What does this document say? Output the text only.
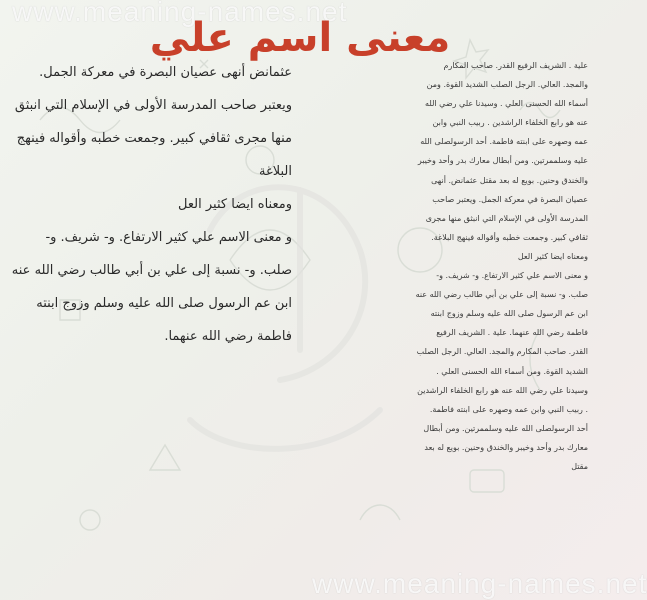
www.meaning-names.net
معنى اسم علي
عثمانض أنهى عصيان البصرة في معركة الجمل.
ويعتبر صاحب المدرسة الأولى في الإسلام التي انبثق
منها مجرى ثقافي كبير. وجمعت خطبه وأقواله فينهج
البلاغة
ومعناه ايضا كثير العل
و معنى الاسم علي كثير الارتفاع. و- شريف. و-
صلب. و- نسبة إلى علي بن أبي طالب رضي الله عنه
ابن عم الرسول صلى الله عليه وسلم وزوج ابنته
فاطمة رضي الله عنهما.
علية . الشريف الرفيع القدر. صاحب المكارم
والمجد. العالي. الرجل الصلب الشديد القوة. ومن
أسماء الله الحسنى العلي . وسيدنا علي رضي الله
عنه هو رابع الخلفاء الراشدين . ربيب النبي وابن
عمه وصهره على ابنته فاطمة. أحد الرسولصلى الله
عليه وسلممرتين. ومن أبطال معارك بدر وأحد وخيبر
والخندق وحنين. بويع له بعد مقتل عثمانض. أنهى
عصيان البصرة في معركة الجمل. ويعتبر صاحب
المدرسة الأولى في الإسلام التي انبثق منها مجرى
ثقافي كبير. وجمعت خطبه وأقواله فينهج البلاغة.
ومعناه ايضا كثير العل
و معنى الاسم علي كثير الارتفاع. و- شريف. و-
صلب. و- نسبة إلى علي بن أبي طالب رضي الله عنه
ابن عم الرسول صلى الله عليه وسلم وزوج ابنته
فاطمة رضي الله عنهما. علية . الشريف الرفيع
القدر. صاحب المكارم والمجد. العالي. الرجل الصلب
الشديد القوة. ومن أسماء الله الحسنى العلي .
وسيدنا علي رضي الله عنه هو رابع الخلفاء الراشدين
. ربيب النبي وابن عمه وصهره على ابنته فاطمة.
أحد الرسولصلى الله عليه وسلممرتين. ومن أبطال
معارك بدر وأحد وخيبر والخندق وحنين. بويع له بعد
مقتل
www.meaning-names.net
